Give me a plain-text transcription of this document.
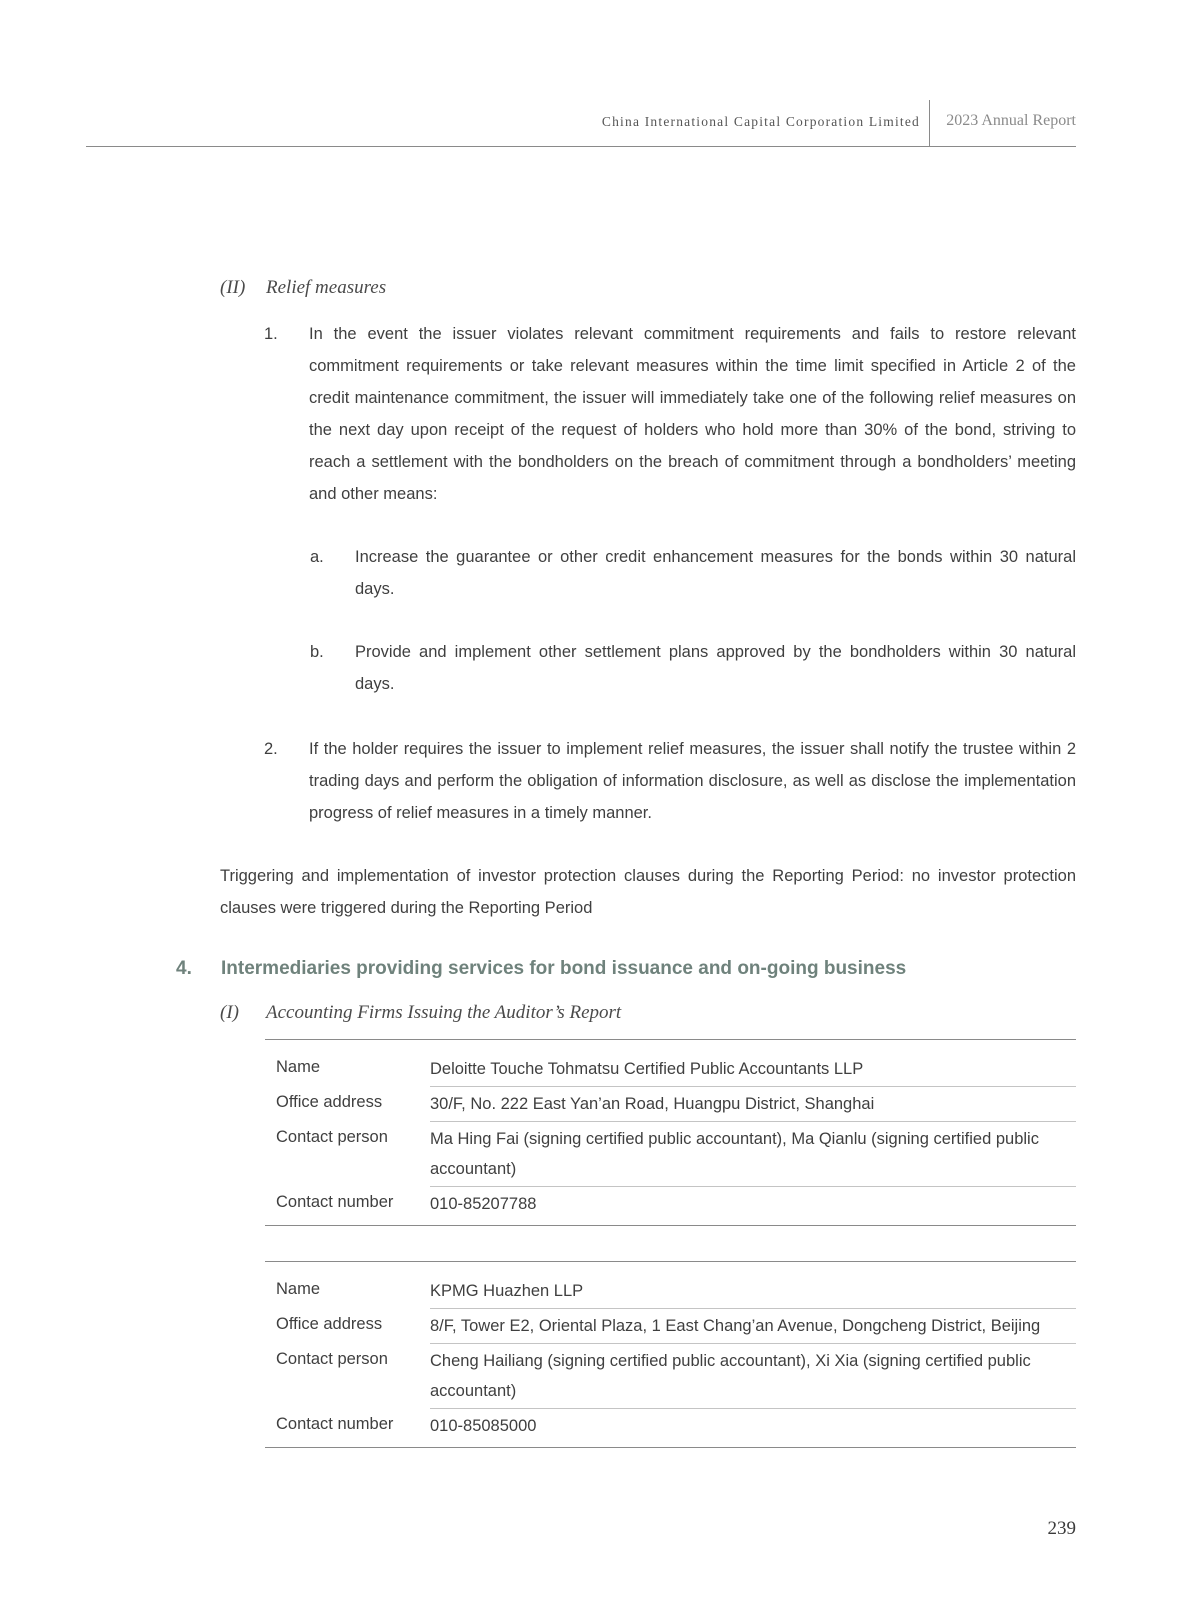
China International Capital Corporation Limited 2023 Annual Report
(II) Relief measures
1. In the event the issuer violates relevant commitment requirements and fails to restore relevant commitment requirements or take relevant measures within the time limit specified in Article 2 of the credit maintenance commitment, the issuer will immediately take one of the following relief measures on the next day upon receipt of the request of holders who hold more than 30% of the bond, striving to reach a settlement with the bondholders on the breach of commitment through a bondholders’ meeting and other means:
a. Increase the guarantee or other credit enhancement measures for the bonds within 30 natural days.
b. Provide and implement other settlement plans approved by the bondholders within 30 natural days.
2. If the holder requires the issuer to implement relief measures, the issuer shall notify the trustee within 2 trading days and perform the obligation of information disclosure, as well as disclose the implementation progress of relief measures in a timely manner.
Triggering and implementation of investor protection clauses during the Reporting Period: no investor protection clauses were triggered during the Reporting Period
4. Intermediaries providing services for bond issuance and on-going business
(I) Accounting Firms Issuing the Auditor’s Report
Name	Deloitte Touche Tohmatsu Certified Public Accountants LLP

Office address	30/F, No. 222 East Yan’an Road, Huangpu District, Shanghai

Contact person	Ma Hing Fai (signing certified public accountant), Ma Qianlu (signing certified public accountant)

Contact number	010-85207788
Name	KPMG Huazhen LLP

Office address	8/F, Tower E2, Oriental Plaza, 1 East Chang’an Avenue, Dongcheng District, Beijing

Contact person	Cheng Hailiang (signing certified public accountant), Xi Xia (signing certified public accountant)

Contact number	010-85085000
239
